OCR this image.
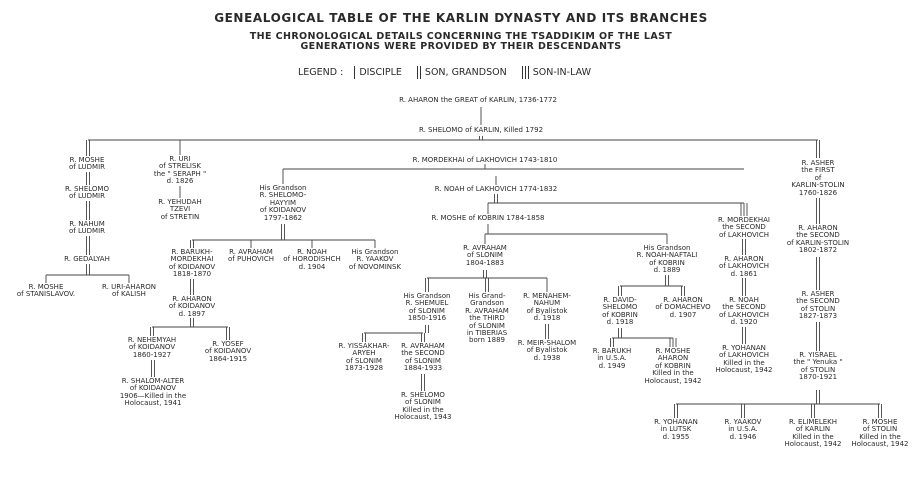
GENEALOGICAL TABLE OF THE KARLIN DYNASTY AND ITS BRANCHES
THE CHRONOLOGICAL DETAILS CONCERNING THE TSADDIKIM OF THE LAST
GENERATIONS WERE PROVIDED BY THEIR DESCENDANTS
LEGEND : DISCIPLE SON, GRANDSON	SON-IN-LAW
R. AHARON the GREAT of KARLIN, 1736-1772
R. SHELOMO of KARLIN, Killed 1792
R. MOSHE
of LUDMIR
R. SHELOMO
of LUDMIR
R. NAHUM
of LUDMIR
R. GEDALYAH
R. MOSHE
of STANISLAVOV.
R. URI-AHARON
of KALISH
R. URI
of STRELISK
the " SERAPH "
d. 1826
R. YEHUDAH
TZEVI
of STRETIN
R. MORDEKHAI of LAKHOVICH 1743-1810
His Grandson
R. SHELOMO-
HAYYIM
of KOIDANOV
1797-1862
R. BARUKH-
MORDEKHAI
of KOIDANOV
1818-1870
R. AVRAHAM
of PUHOVICH
R. NOAH
of HORODISHCH
d. 1904
His Grandson
R. YAAKOV
of NOVOMINSK
R. AHARON
of KOIDANOV
d. 1897
R. NEHEMYAH
of KOIDANOV
1860-1927
R. YOSEF
of KOIDANOV
1864-1915
R. SHALOM-ALTER
of KOIDANOV
1906—Killed in the
Holocaust, 1941
R. NOAH of LAKHOVICH 1774-1832
R. MOSHE of KOBRIN 1784-1858
R. AVRAHAM
of SLONIM
1804-1883
His Grandson
R. SHEMUEL
of SLONIM
1850-1916
His Grand-
Grandson
R. AVRAHAM
the THIRD
of SLONIM
in TIBERIAS
born 1889
R. MENAHEM-
NAHUM
of Byalistok
d. 1918
R. MEIR-SHALOM
of Byalistok
d. 1938
R. YISSAKHAR-
ARYEH
of SLONIM
1873-1928
R. AVRAHAM
the SECOND
of SLONIM
1884-1933
R. SHELOMO
of SLONIM
Killed in the
Holocaust, 1943
His Grandson
R. NOAH-NAFTALI
of KOBRIN
d. 1889
R. DAVID-
SHELOMO
of KOBRIN
d. 1918
R. AHARON
of DOMACHEVO
d. 1907
R. BARUKH
in U.S.A.
d. 1949
R. MOSHE
AHARON
of KOBRIN
Killed in the
Holocaust, 1942
R. MORDEKHAI
the SECOND
of LAKHOVICH
R. AHARON
of LAKHOVICH
d. 1861
R. NOAH
the SECOND
of LAKHOVICH
d. 1920
R. YOHANAN
of LAKHOVICH
Killed in the
Holocaust, 1942
R. YOHANAN
in LUTSK
d. 1955
R. YAAKOV
in U.S.A.
d. 1946
R. ELIMELEKH
of KARLIN
Killed in the
Holocaust, 1942
R. MOSHE
of STOLIN
Killed in the
Holocaust, 1942
R. ASHER
the FIRST
of
KARLIN-STOLIN
1760-1826
R. AHARON
the SECOND
of KARLIN-STOLIN
1802-1872
R. ASHER
the SECOND
of STOLIN
1827-1873
R. YISRAEL
the " Yenuka "
of STOLIN
1870-1921
